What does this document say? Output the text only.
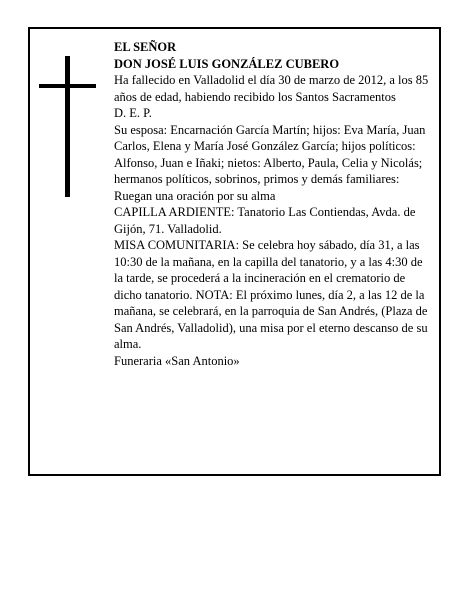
EL SEÑOR

DON JOSÉ LUIS GONZÁLEZ CUBERO

Ha fallecido en Valladolid el día 30 de marzo de 2012, a los 85 años de edad, habiendo recibido los Santos Sacramentos

D. E. P.

Su esposa: Encarnación García Martín; hijos: Eva María, Juan Carlos, Elena y María José González García; hijos políticos: Alfonso, Juan e Iñaki; nietos: Alberto, Paula, Celia y Nicolás; hermanos políticos, sobrinos, primos y demás familiares:

Ruegan una oración por su alma

CAPILLA ARDIENTE: Tanatorio Las Contiendas, Avda. de Gijón, 71. Valladolid.

MISA COMUNITARIA: Se celebra hoy sábado, día 31, a las 10:30 de la mañana, en la capilla del tanatorio, y a las 4:30 de la tarde, se procederá a la incineración en el crematorio de dicho tanatorio. NOTA: El próximo lunes, día 2, a las 12 de la mañana, se celebrará, en la parroquia de San Andrés, (Plaza de San Andrés, Valladolid), una misa por el eterno descanso de su alma.

Funeraria «San Antonio»
